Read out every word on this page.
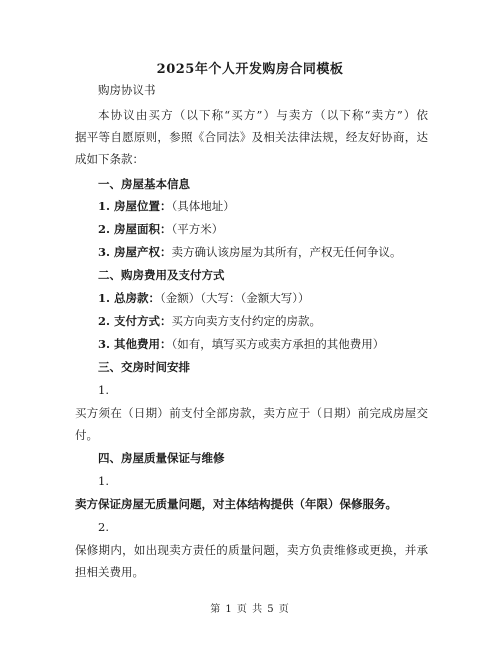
2025年个人开发购房合同模板
购房协议书
本协议由买方（以下称“买方”）与卖方（以下称“卖方”）依
据平等自愿原则，参照《合同法》及相关法律法规，经友好协商，达
成如下条款：
一、房屋基本信息
1. 房屋位置：（具体地址）
2. 房屋面积：（平方米）
3. 房屋产权：卖方确认该房屋为其所有，产权无任何争议。
二、购房费用及支付方式
1. 总房款：（金额）（大写：（金额大写））
2. 支付方式：买方向卖方支付约定的房款。
3. 其他费用：（如有，填写买方或卖方承担的其他费用）
三、交房时间安排
1.
买方须在（日期）前支付全部房款，卖方应于（日期）前完成房屋交
付。
四、房屋质量保证与维修
1.
卖方保证房屋无质量问题，对主体结构提供（年限）保修服务。
2.
保修期内，如出现卖方责任的质量问题，卖方负责维修或更换，并承
担相关费用。
第 1 页 共 5 页
